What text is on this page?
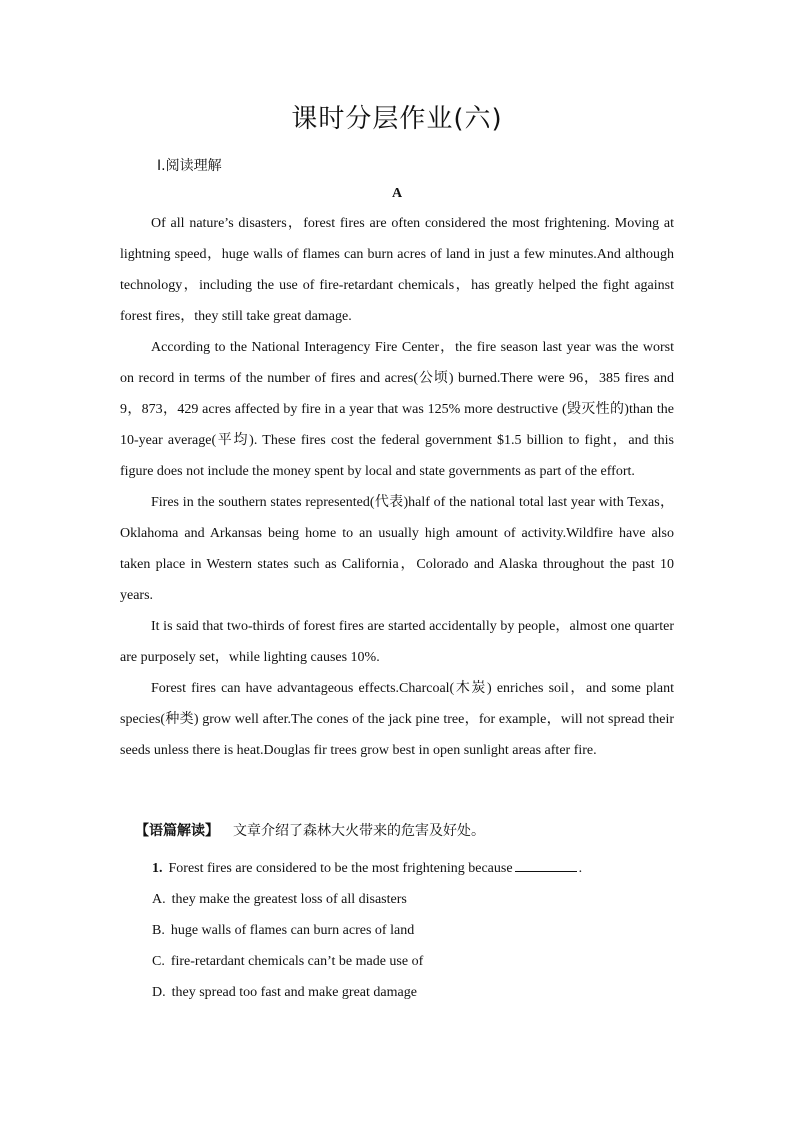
课时分层作业(六)

Ⅰ.阅读理解

A

Of all nature’s disasters，forest fires are often considered the most frightening. Moving at lightning speed，huge walls of flames can burn acres of land in just a few minutes.And although technology，including the use of fire-retardant chemicals，has greatly helped the fight against forest fires，they still take great damage.

According to the National Interagency Fire Center，the fire season last year was the worst on record in terms of the number of fires and acres(公顷) burned.There were 96，385 fires and 9，873，429 acres affected by fire in a year that was 125% more destructive (毁灭性的)than the 10-year average(平均). These fires cost the federal government $1.5 billion to fight，and this figure does not include the money spent by local and state governments as part of the effort.

Fires in the southern states represented(代表)half of the national total last year with Texas，Oklahoma and Arkansas being home to an usually high amount of activity.Wildfire have also taken place in Western states such as California，Colorado and Alaska throughout the past 10 years.

It is said that two-thirds of forest fires are started accidentally by people，almost one quarter are purposely set，while lighting causes 10%.

Forest fires can have advantageous effects.Charcoal(木炭) enriches soil，and some plant species(种类) grow well after.The cones of the jack pine tree，for example，will not spread their seeds unless there is heat.Douglas fir trees grow best in open sunlight areas after fire.

【语篇解读】 文章介绍了森林大火带来的危害及好处。

1. Forest fires are considered to be the most frightening because	.

A. they make the greatest loss of all disasters

B. huge walls of flames can burn acres of land

C. fire-retardant chemicals can’t be made use of

D. they spread too fast and make great damage
